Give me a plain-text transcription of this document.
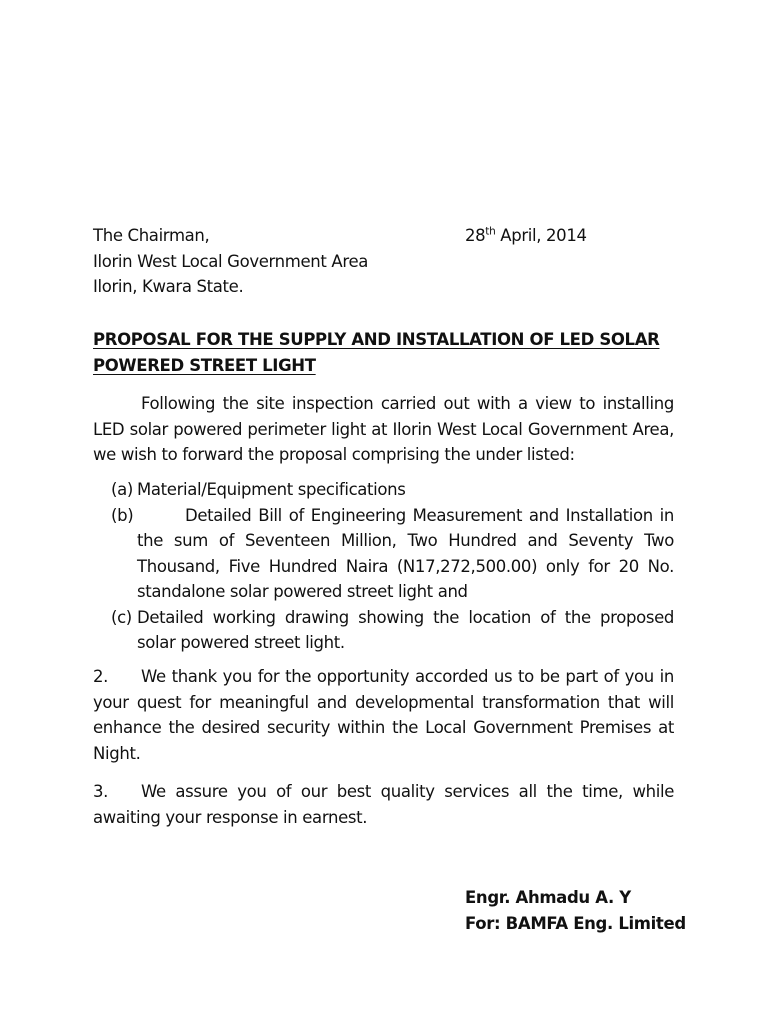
The Chairman,
Ilorin West Local Government Area
Ilorin, Kwara State.
28th April, 2014
PROPOSAL FOR THE SUPPLY AND INSTALLATION OF LED SOLAR
POWERED STREET LIGHT
Following the site inspection carried out with a view to installing LED solar powered perimeter light at Ilorin West Local Government Area, we wish to forward the proposal comprising the under listed:
(a) Material/Equipment specifications
(b)	Detailed Bill of Engineering Measurement and Installation in the sum of Seventeen Million, Two Hundred and Seventy Two Thousand, Five Hundred Naira (N17,272,500.00) only for 20 No. standalone solar powered street light and
(c) Detailed working drawing showing the location of the proposed solar powered street light.
2. We thank you for the opportunity accorded us to be part of you in your quest for meaningful and developmental transformation that will enhance the desired security within the Local Government Premises at Night.
3. We assure you of our best quality services all the time, while awaiting your response in earnest.
Engr. Ahmadu A. Y
For: BAMFA Eng. Limited
